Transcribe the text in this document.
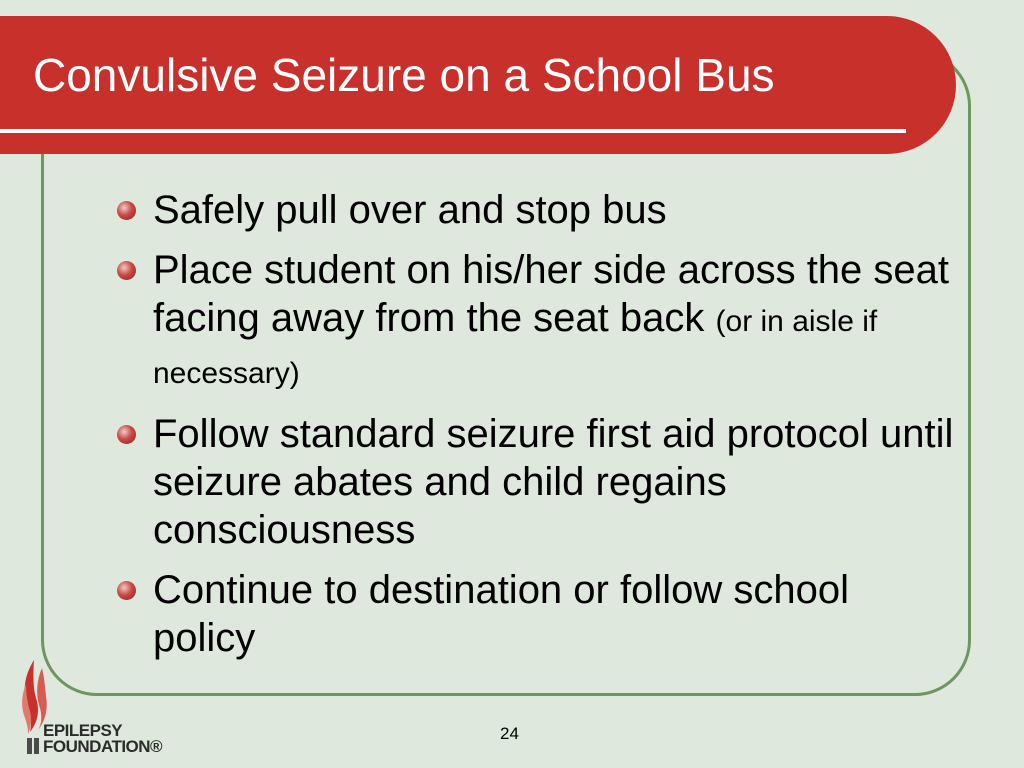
Convulsive Seizure on a School Bus
Safely pull over and stop bus
Place student on his/her side across the seat facing away from the seat back (or in aisle if necessary)
Follow standard seizure first aid protocol until seizure abates and child regains consciousness
Continue to destination or follow school policy
24
EPILEPSY
FOUNDATION®
